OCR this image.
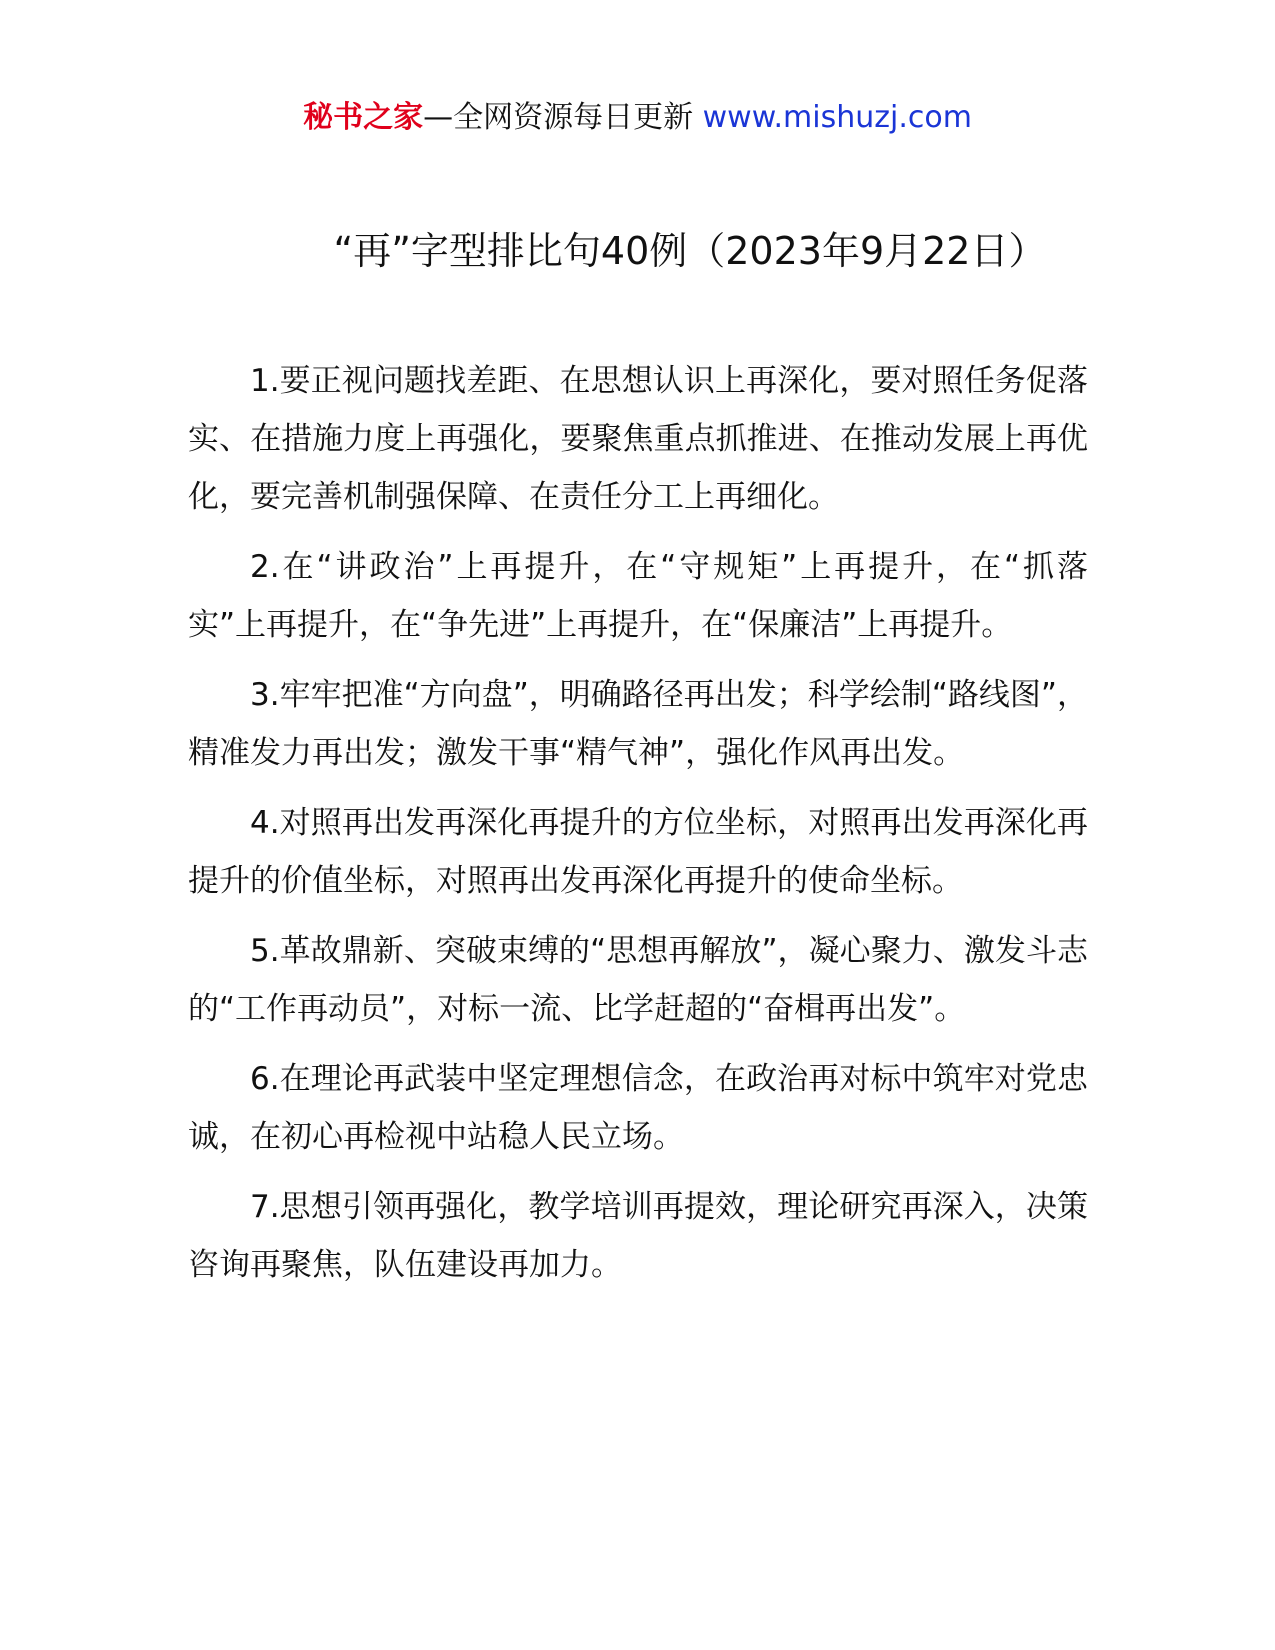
秘书之家—全网资源每日更新 www.mishuzj.com
“再”字型排比句40例（2023年9月22日）

1.要正视问题找差距、在思想认识上再深化，要对照任务促落实、在措施力度上再强化，要聚焦重点抓推进、在推动发展上再优化，要完善机制强保障、在责任分工上再细化。

2.在“讲政治”上再提升，在“守规矩”上再提升，在“抓落实”上再提升，在“争先进”上再提升，在“保廉洁”上再提升。

3.牢牢把准“方向盘”，明确路径再出发；科学绘制“路线图”，精准发力再出发；激发干事“精气神”，强化作风再出发。

4.对照再出发再深化再提升的方位坐标，对照再出发再深化再提升的价值坐标，对照再出发再深化再提升的使命坐标。

5.革故鼎新、突破束缚的“思想再解放”，凝心聚力、激发斗志的“工作再动员”，对标一流、比学赶超的“奋楫再出发”。

6.在理论再武装中坚定理想信念，在政治再对标中筑牢对党忠诚，在初心再检视中站稳人民立场。

7.思想引领再强化，教学培训再提效，理论研究再深入，决策咨询再聚焦，队伍建设再加力。
